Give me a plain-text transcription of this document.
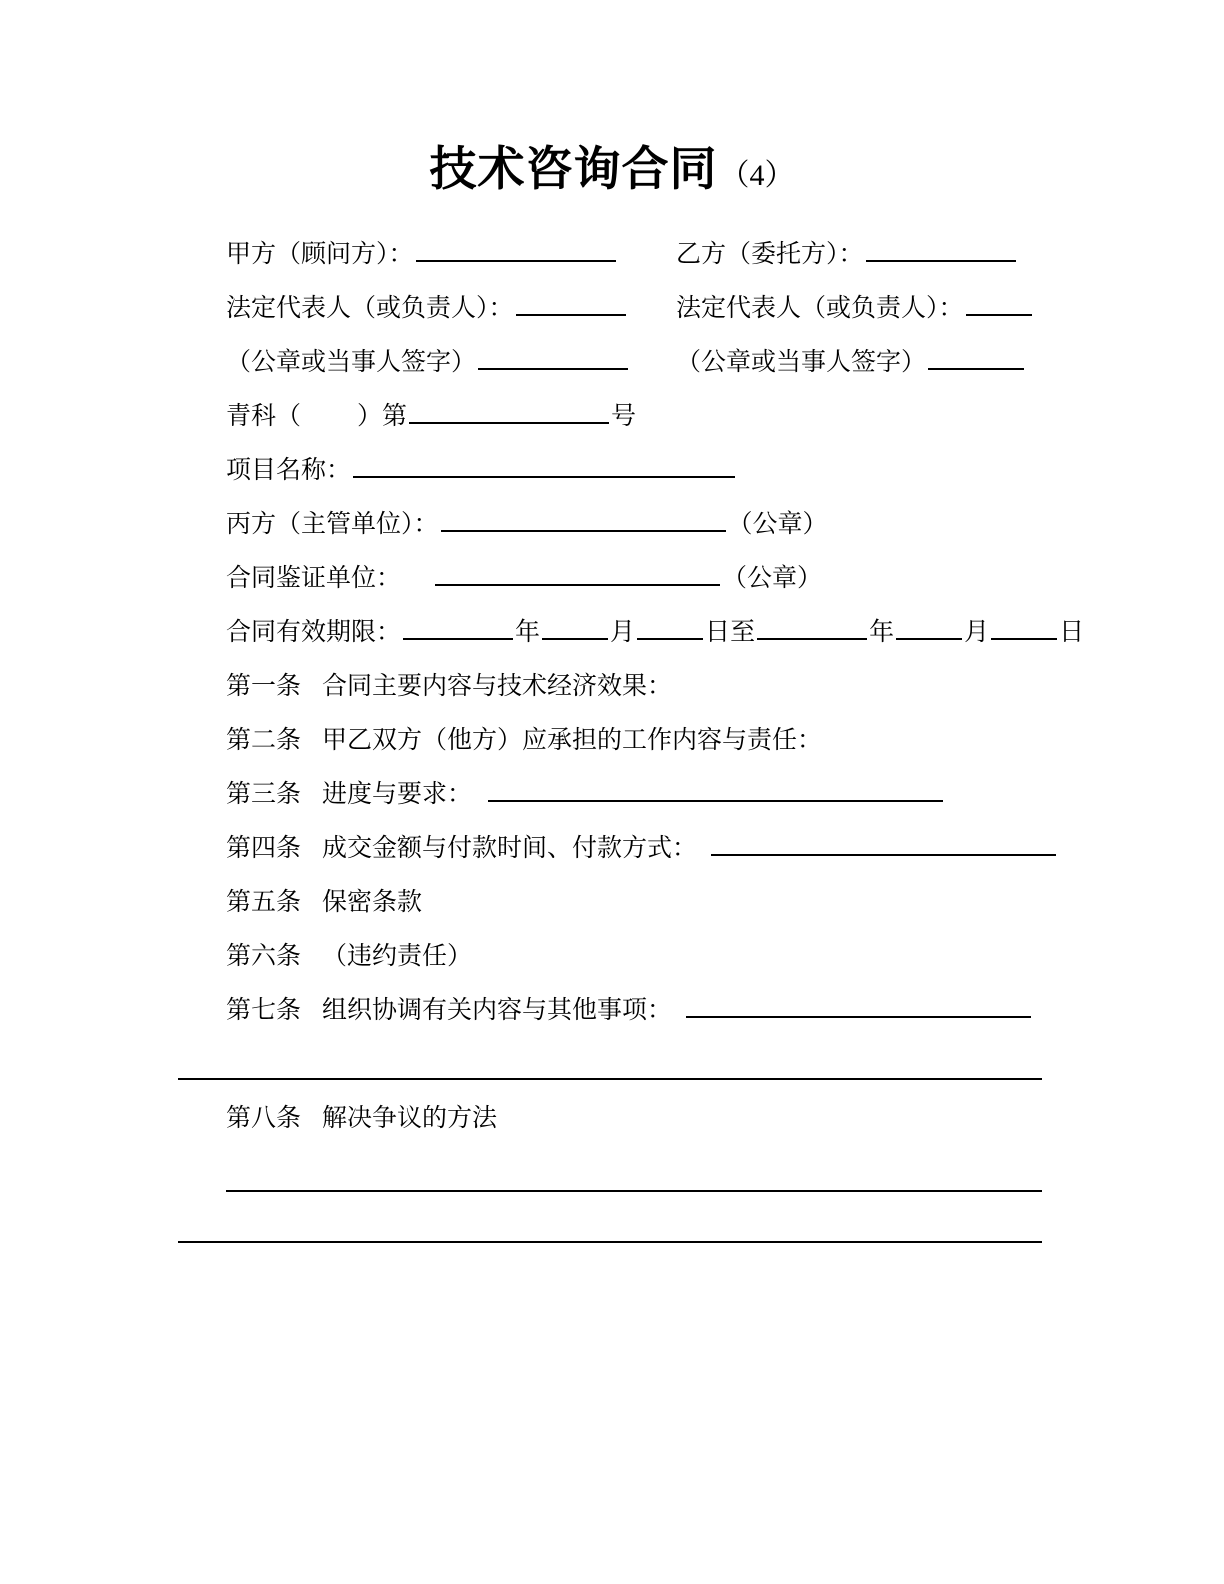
技术咨询合同（4）
甲方（顾问方）：	乙方（委托方）：
法定代表人（或负责人）：	法定代表人（或负责人）：
（公章或当事人签字）	（公章或当事人签字）
青科（ ）第	号
项目名称：
丙方（主管单位）：	（公章）
合同鉴证单位：	（公章）
合同有效期限：	年	月	日至	年	月	日
第一条 合同主要内容与技术经济效果：
第二条 甲乙双方（他方）应承担的工作内容与责任：
第三条 进度与要求：
第四条 成交金额与付款时间、付款方式：
第五条 保密条款
第六条 （违约责任）
第七条 组织协调有关内容与其他事项：
第八条 解决争议的方法
